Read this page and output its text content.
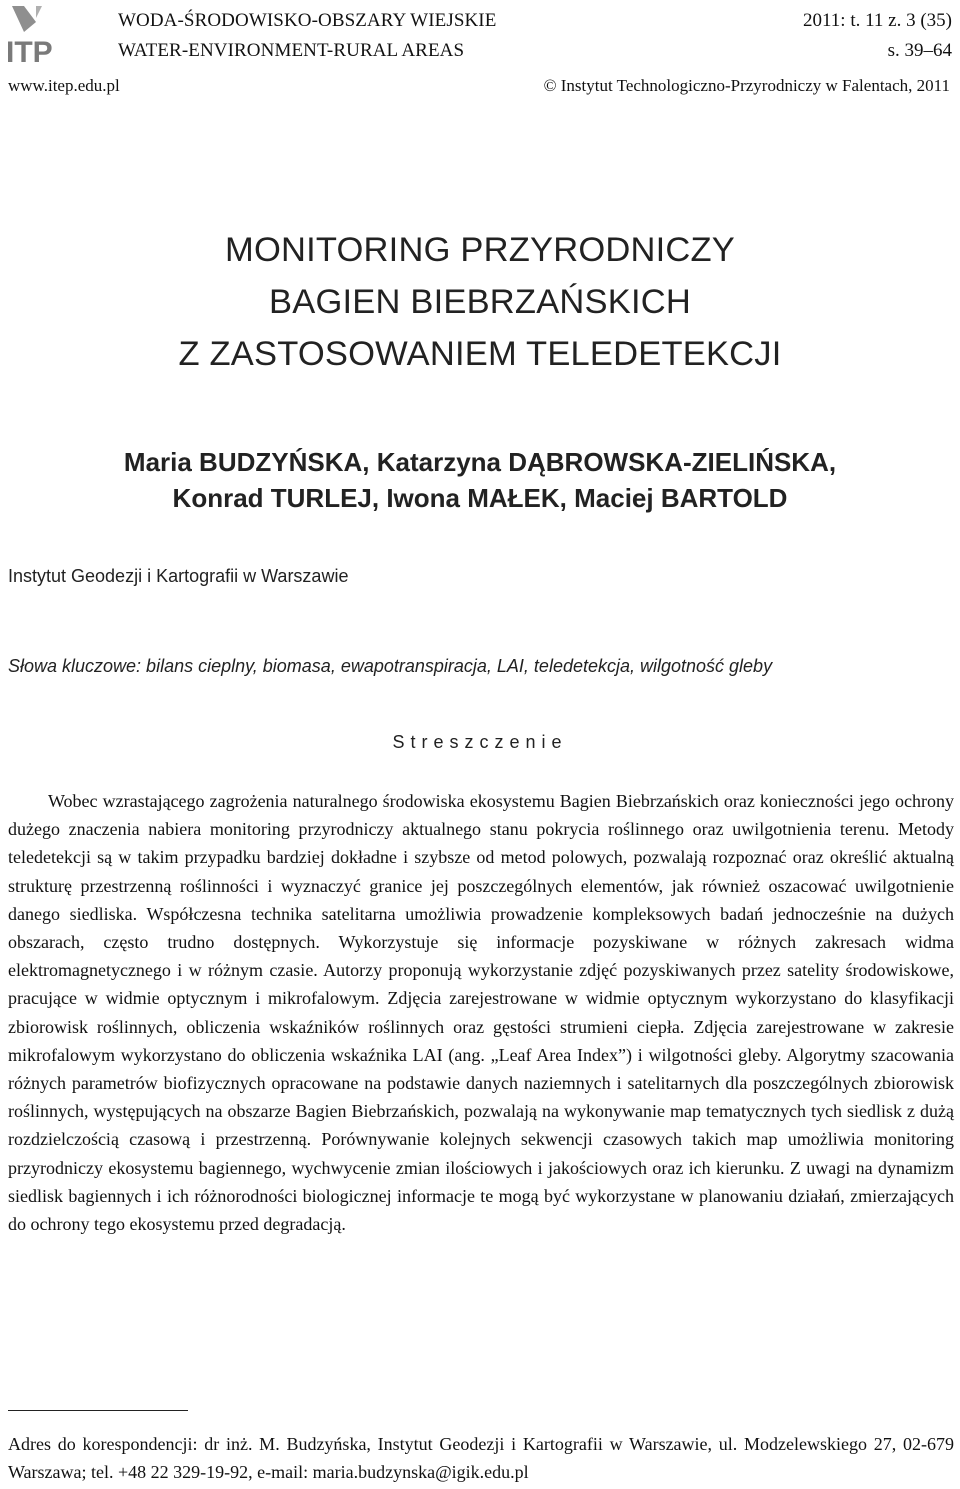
ITP
WODA-ŚRODOWISKO-OBSZARY WIEJSKIE
WATER-ENVIRONMENT-RURAL AREAS
2011: t. 11 z. 3 (35)
s. 39–64
www.itep.edu.pl	© Instytut Technologiczno-Przyrodniczy w Falentach, 2011
MONITORING PRZYRODNICZY
BAGIEN BIEBRZAŃSKICH
Z ZASTOSOWANIEM TELEDETEKCJI
Maria BUDZYŃSKA, Katarzyna DĄBROWSKA-ZIELIŃSKA,
Konrad TURLEJ, Iwona MAŁEK, Maciej BARTOLD
Instytut Geodezji i Kartografii w Warszawie
Słowa kluczowe: bilans cieplny, biomasa, ewapotranspiracja, LAI, teledetekcja, wilgotność gleby
Streszczenie

Wobec wzrastającego zagrożenia naturalnego środowiska ekosystemu Bagien Biebrzańskich oraz konieczności jego ochrony dużego znaczenia nabiera monitoring przyrodniczy aktualnego stanu pokrycia roślinnego oraz uwilgotnienia terenu. Metody teledetekcji są w takim przypadku bardziej dokładne i szybsze od metod polowych, pozwalają rozpoznać oraz określić aktualną strukturę przestrzenną roślinności i wyznaczyć granice jej poszczególnych elementów, jak również oszacować uwilgotnienie danego siedliska. Współczesna technika satelitarna umożliwia prowadzenie kompleksowych badań jednocześnie na dużych obszarach, często trudno dostępnych. Wykorzystuje się informacje pozyskiwane w różnych zakresach widma elektromagnetycznego i w różnym czasie. Autorzy proponują wykorzystanie zdjęć pozyskiwanych przez satelity środowiskowe, pracujące w widmie optycznym i mikrofalowym. Zdjęcia zarejestrowane w widmie optycznym wykorzystano do klasyfikacji zbiorowisk roślinnych, obliczenia wskaźników roślinnych oraz gęstości strumieni ciepła. Zdjęcia zarejestrowane w zakresie mikrofalowym wykorzystano do obliczenia wskaźnika LAI (ang. „Leaf Area Index”) i wilgotności gleby. Algorytmy szacowania różnych parametrów biofizycznych opracowane na podstawie danych naziemnych i satelitarnych dla poszczególnych zbiorowisk roślinnych, występujących na obszarze Bagien Biebrzańskich, pozwalają na wykonywanie map tematycznych tych siedlisk z dużą rozdzielczością czasową i przestrzenną. Porównywanie kolejnych sekwencji czasowych takich map umożliwia monitoring przyrodniczy ekosystemu bagiennego, wychwycenie zmian ilościowych i jakościowych oraz ich kierunku. Z uwagi na dynamizm siedlisk bagiennych i ich różnorodności biologicznej informacje te mogą być wykorzystane w planowaniu działań, zmierzających do ochrony tego ekosystemu przed degradacją.

Adres do korespondencji: dr inż. M. Budzyńska, Instytut Geodezji i Kartografii w Warszawie, ul. Modzelewskiego 27, 02-679 Warszawa; tel. +48 22 329-19-92, e-mail: maria.budzynska@igik.edu.pl
